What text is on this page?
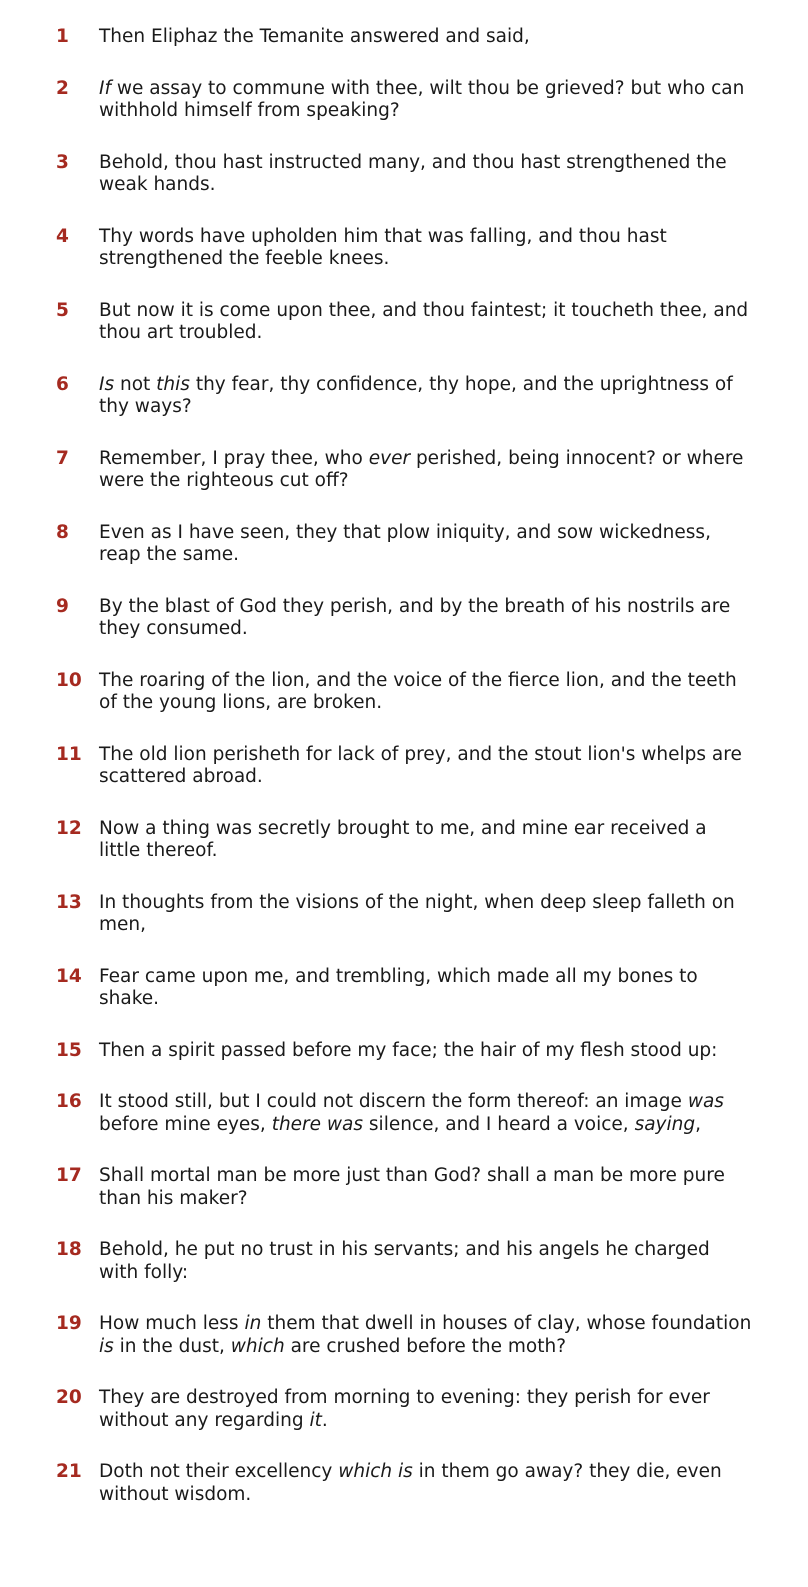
1 Then Eliphaz the Temanite answered and said,
2 If we assay to commune with thee, wilt thou be grieved? but who can withhold himself from speaking?
3 Behold, thou hast instructed many, and thou hast strengthened the weak hands.
4 Thy words have upholden him that was falling, and thou hast strengthened the feeble knees.
5 But now it is come upon thee, and thou faintest; it toucheth thee, and thou art troubled.
6 Is not this thy fear, thy confidence, thy hope, and the uprightness of thy ways?
7 Remember, I pray thee, who ever perished, being innocent? or where were the righteous cut off?
8 Even as I have seen, they that plow iniquity, and sow wickedness, reap the same.
9 By the blast of God they perish, and by the breath of his nostrils are they consumed.
10 The roaring of the lion, and the voice of the fierce lion, and the teeth of the young lions, are broken.
11 The old lion perisheth for lack of prey, and the stout lion's whelps are scattered abroad.
12 Now a thing was secretly brought to me, and mine ear received a little thereof.
13 In thoughts from the visions of the night, when deep sleep falleth on men,
14 Fear came upon me, and trembling, which made all my bones to shake.
15 Then a spirit passed before my face; the hair of my flesh stood up:
16 It stood still, but I could not discern the form thereof: an image was before mine eyes, there was silence, and I heard a voice, saying,
17 Shall mortal man be more just than God? shall a man be more pure than his maker?
18 Behold, he put no trust in his servants; and his angels he charged with folly:
19 How much less in them that dwell in houses of clay, whose foundation is in the dust, which are crushed before the moth?
20 They are destroyed from morning to evening: they perish for ever without any regarding it.
21 Doth not their excellency which is in them go away? they die, even without wisdom.
